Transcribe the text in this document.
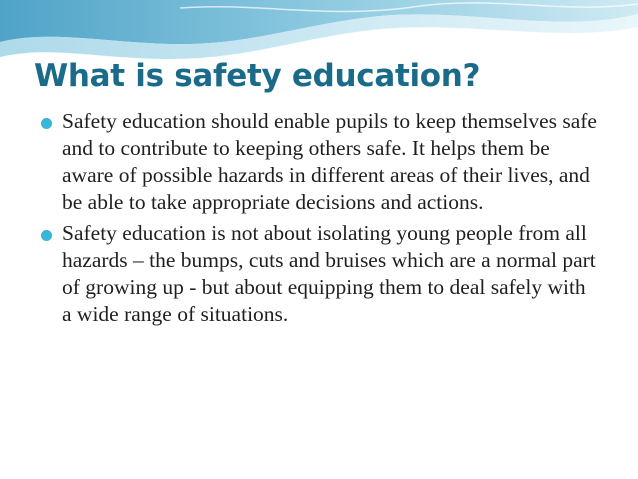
What is safety education?
Safety education should enable pupils to keep themselves safe and to contribute to keeping others safe. It helps them be aware of possible hazards in different areas of their lives, and be able to take appropriate decisions and actions.
Safety education is not about isolating young people from all hazards – the bumps, cuts and bruises which are a normal part of growing up - but about equipping them to deal safely with a wide range of situations.
